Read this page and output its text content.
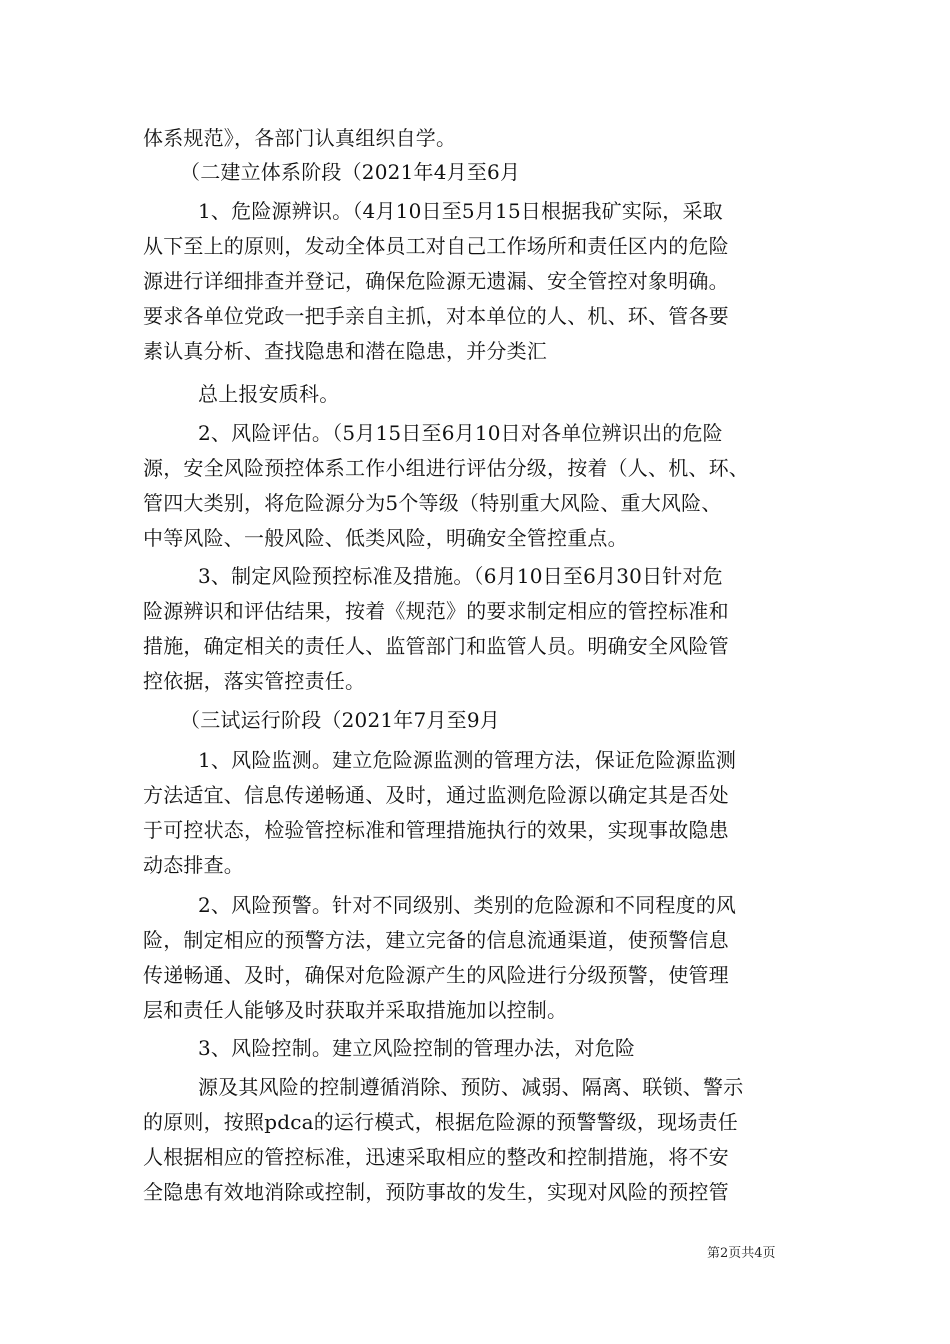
体系规范》，各部门认真组织自学。
（二建立体系阶段（2021年4月至6月
1、危险源辨识。（4月10日至5月15日根据我矿实际，采取
从下至上的原则，发动全体员工对自己工作场所和责任区内的危险
源进行详细排查并登记，确保危险源无遗漏、安全管控对象明确。
要求各单位党政一把手亲自主抓，对本单位的人、机、环、管各要
素认真分析、查找隐患和潜在隐患，并分类汇
总上报安质科。
2、风险评估。（5月15日至6月10日对各单位辨识出的危险
源，安全风险预控体系工作小组进行评估分级，按着（人、机、环、
管四大类别，将危险源分为5个等级（特别重大风险、重大风险、
中等风险、一般风险、低类风险，明确安全管控重点。
3、制定风险预控标准及措施。（6月10日至6月30日针对危
险源辨识和评估结果，按着《规范》的要求制定相应的管控标准和
措施，确定相关的责任人、监管部门和监管人员。明确安全风险管
控依据，落实管控责任。
（三试运行阶段（2021年7月至9月
1、风险监测。建立危险源监测的管理方法，保证危险源监测
方法适宜、信息传递畅通、及时，通过监测危险源以确定其是否处
于可控状态，检验管控标准和管理措施执行的效果，实现事故隐患
动态排查。
2、风险预警。针对不同级别、类别的危险源和不同程度的风
险，制定相应的预警方法，建立完备的信息流通渠道，使预警信息
传递畅通、及时，确保对危险源产生的风险进行分级预警，使管理
层和责任人能够及时获取并采取措施加以控制。
3、风险控制。建立风险控制的管理办法，对危险
源及其风险的控制遵循消除、预防、减弱、隔离、联锁、警示
的原则，按照pdca的运行模式，根据危险源的预警警级，现场责任
人根据相应的管控标准，迅速采取相应的整改和控制措施，将不安
全隐患有效地消除或控制，预防事故的发生，实现对风险的预控管
第2页共4页
